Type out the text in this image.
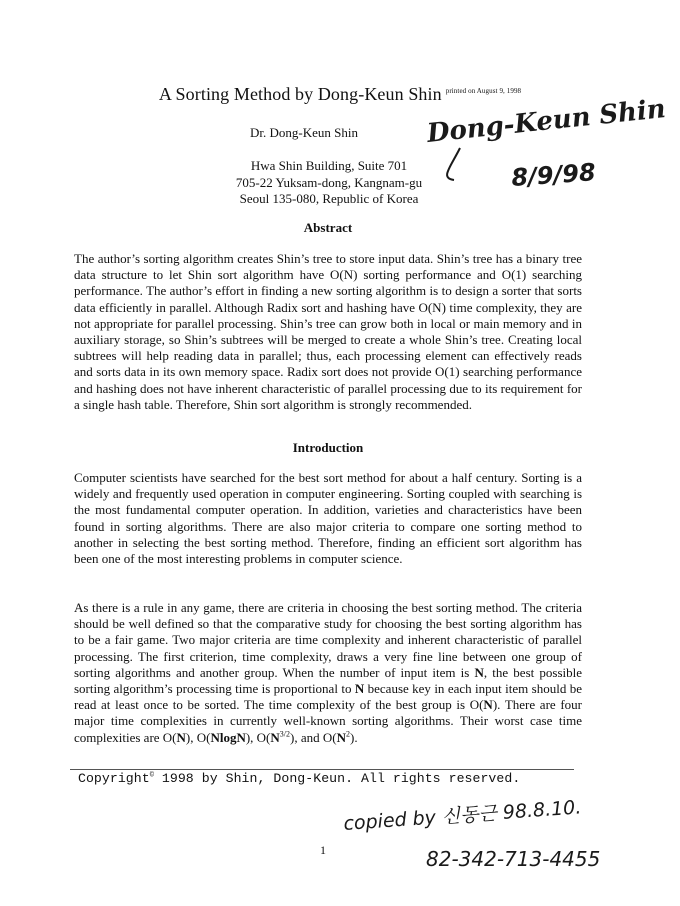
A Sorting Method by Dong-Keun Shin $^{printed on August 9, 1998}$
Dr. Dong-Keun Shin
Hwa Shin Building, Suite 701
705-22 Yuksam-dong, Kangnam-gu
Seoul 135-080, Republic of Korea
Dong-Keun Shin
8/9/98
Abstract

The author’s sorting algorithm creates Shin’s tree to store input data. Shin’s tree has a binary tree data structure to let Shin sort algorithm have O(N) sorting performance and O(1) searching performance. The author’s effort in finding a new sorting algorithm is to design a sorter that sorts data efficiently in parallel. Although Radix sort and hashing have O(N) time complexity, they are not appropriate for parallel processing. Shin’s tree can grow both in local or main memory and in auxiliary storage, so Shin’s subtrees will be merged to create a whole Shin’s tree. Creating local subtrees will help reading data in parallel; thus, each processing element can effectively reads and sorts data in its own memory space. Radix sort does not provide O(1) searching performance and hashing does not have inherent characteristic of parallel processing due to its requirement for a single hash table. Therefore, Shin sort algorithm is strongly recommended.

Introduction

Computer scientists have searched for the best sort method for about a half century. Sorting is a widely and frequently used operation in computer engineering. Sorting coupled with searching is the most fundamental computer operation. In addition, varieties and characteristics have been found in sorting algorithms. There are also major criteria to compare one sorting method to another in selecting the best sorting method. Therefore, finding an efficient sort algorithm has been one of the most interesting problems in computer science.

As there is a rule in any game, there are criteria in choosing the best sorting method. The criteria should be well defined so that the comparative study for choosing the best sorting algorithm has to be a fair game. Two major criteria are time complexity and inherent characteristic of parallel processing. The first criterion, time complexity, draws a very fine line between one group of sorting algorithms and another group. When the number of input item is N, the best possible sorting algorithm’s processing time is proportional to N because key in each input item should be read at least once to be sorted. The time complexity of the best group is O(N). There are four major time complexities in currently well-known sorting algorithms. Their worst case time complexities are O(N), O(NlogN), $O(N^{3/2})$, and $O(N^2)$.

Copyright© 1998 by Shin, Dong-Keun. All rights reserved.
1
copied by 신동근 98.8.10.
82-342-713-4455
